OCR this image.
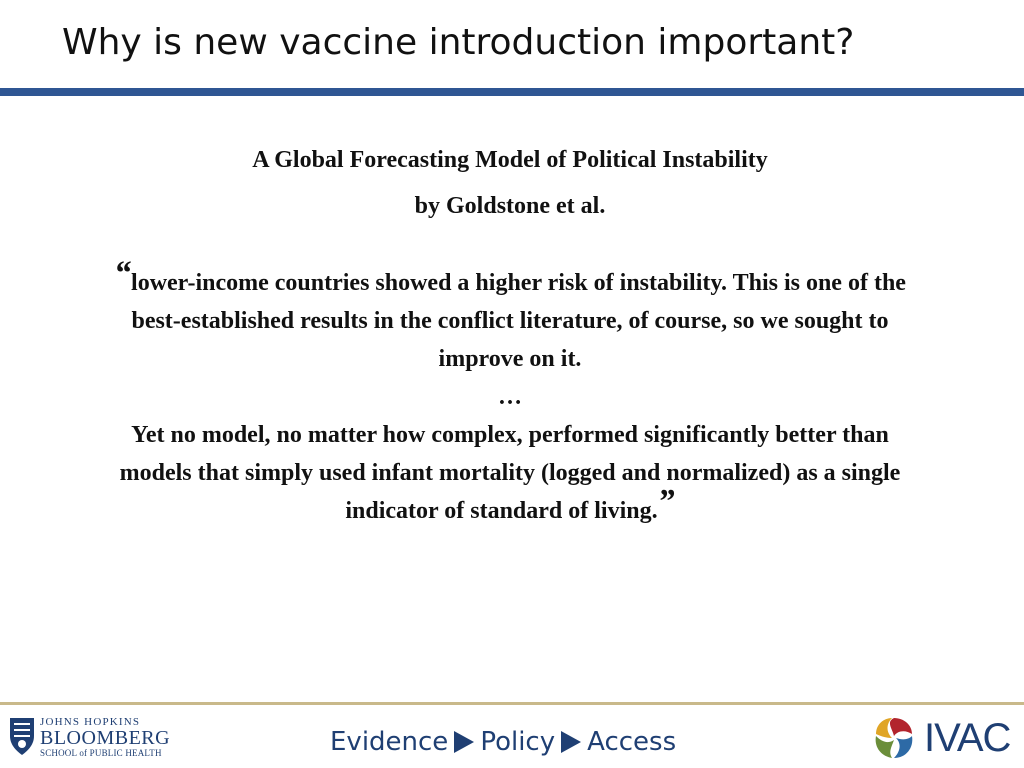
Why is new vaccine introduction important?

A Global Forecasting Model of Political Instability

by Goldstone et al.

“lower-income countries showed a higher risk of instability. This is one of the best-established results in the conflict literature, of course, so we sought to improve on it.

…

Yet no model, no matter how complex, performed significantly better than models that simply used infant mortality (logged and normalized) as a single indicator of standard of living.”

JOHNS HOPKINS
BLOOMBERG
SCHOOL of PUBLIC HEALTH	Evidence Policy Access	IVAC
